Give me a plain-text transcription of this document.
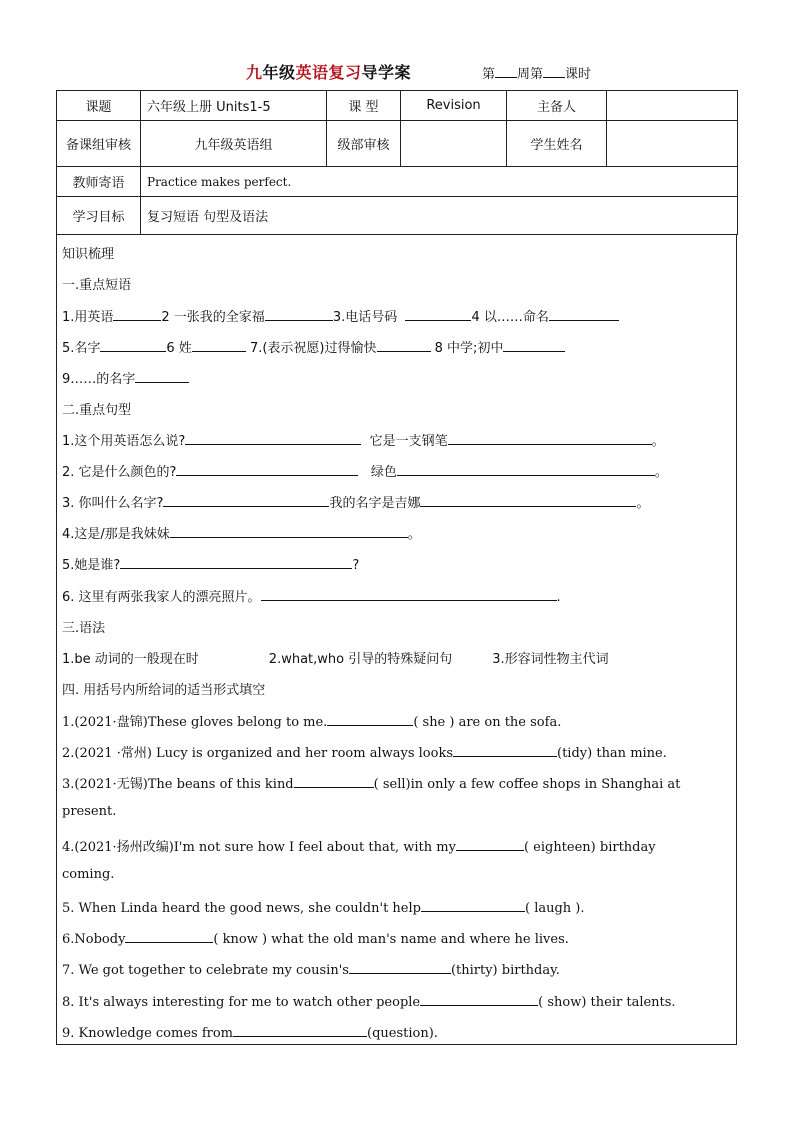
九年级英语复习导学案	第 周第 课时
课题	六年级上册 Units1-5	课 型	Revision	主备人	
备课组审核	九年级英语组	级部审核		学生姓名	
教师寄语	Practice makes perfect.				
学习目标	复习短语 句型及语法				
知识梳理
一.重点短语
1.用英语	2 一张我的全家福	3.电话号码	4 以……命名
5.名字	6 姓	7.(表示祝愿)过得愉快	8 中学;初中
9……的名字
二.重点句型
1.这个用英语怎么说?	它是一支钢笔	。
2. 它是什么颜色的?	绿色	。
3. 你叫什么名字?	我的名字是吉娜	。
4.这是/那是我妹妹	。
5.她是谁?	?
6. 这里有两张我家人的漂亮照片。	.
三.语法
1.be 动词的一般现在时	2.what,who 引导的特殊疑问句	3.形容词性物主代词
四. 用括号内所给词的适当形式填空
1.(2021·盘锦)These gloves belong to me.	( she ) are on the sofa.
2.(2021 ·常州) Lucy is organized and her room always looks	(tidy) than mine.
3.(2021·无锡)The beans of this kind	( sell)in only a few coffee shops in Shanghai at
present.
4.(2021·扬州改编)I'm not sure how I feel about that, with my	( eighteen) birthday
coming.
5. When Linda heard the good news, she couldn't help	( laugh ).
6.Nobody	( know ) what the old man's name and where he lives.
7. We got together to celebrate my cousin's	(thirty) birthday.
8. It's always interesting for me to watch other people	( show) their talents.
9. Knowledge comes from	(question).
